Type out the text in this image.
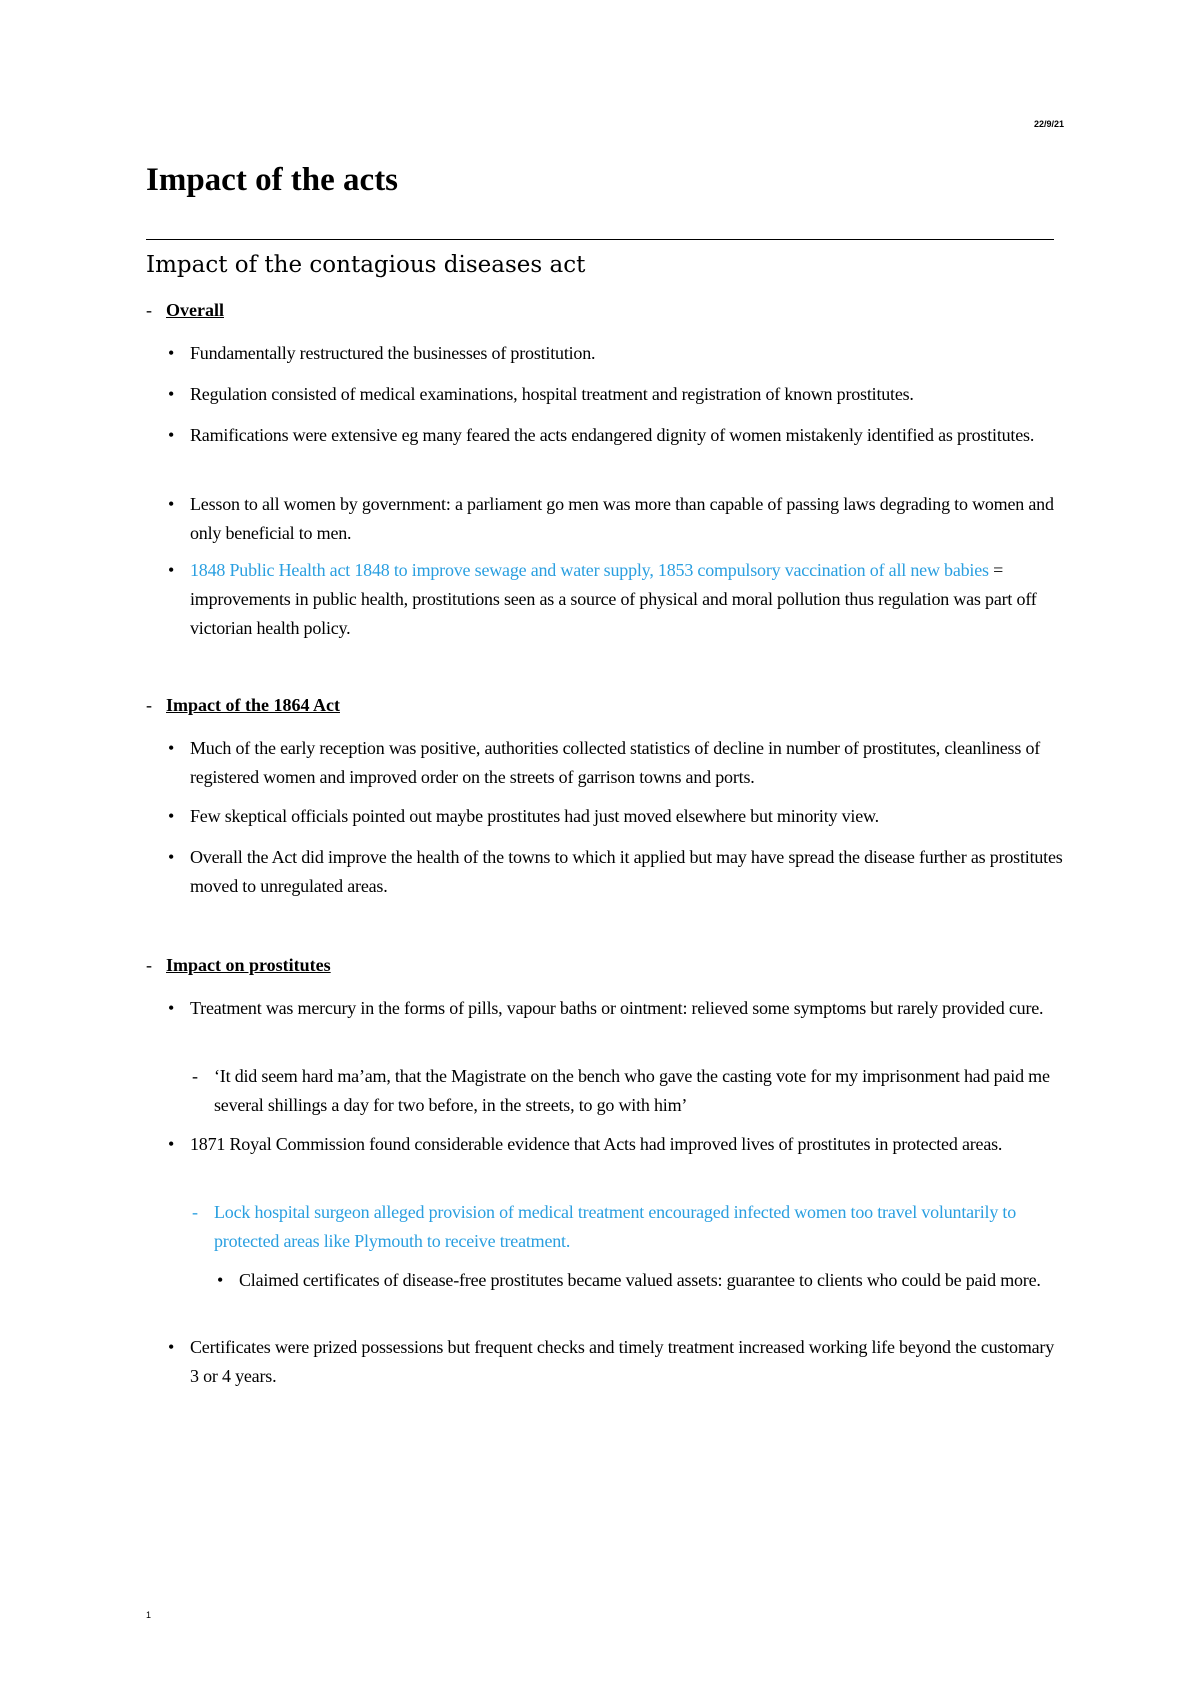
22/9/21
Impact of the acts
Impact of the contagious diseases act
- Overall
• Fundamentally restructured the businesses of prostitution.
• Regulation consisted of medical examinations, hospital treatment and registration of known prostitutes.
• Ramifications were extensive eg many feared the acts endangered dignity of women mistakenly identified as prostitutes.
• Lesson to all women by government: a parliament go men was more than capable of passing laws degrading to women and only beneficial to men.
• 1848 Public Health act 1848 to improve sewage and water supply, 1853 compulsory vaccination of all new babies = improvements in public health, prostitutions seen as a source of physical and moral pollution thus regulation was part off victorian health policy.
- Impact of the 1864 Act
• Much of the early reception was positive, authorities collected statistics of decline in number of prostitutes, cleanliness of registered women and improved order on the streets of garrison towns and ports.
• Few skeptical officials pointed out maybe prostitutes had just moved elsewhere but minority view.
• Overall the Act did improve the health of the towns to which it applied but may have spread the disease further as prostitutes moved to unregulated areas.
- Impact on prostitutes
• Treatment was mercury in the forms of pills, vapour baths or ointment: relieved some symptoms but rarely provided cure.
- ‘It did seem hard ma’am, that the Magistrate on the bench who gave the casting vote for my imprisonment had paid me several shillings a day for two before, in the streets, to go with him’
• 1871 Royal Commission found considerable evidence that Acts had improved lives of prostitutes in protected areas.
- Lock hospital surgeon alleged provision of medical treatment encouraged infected women too travel voluntarily to protected areas like Plymouth to receive treatment.
• Claimed certificates of disease-free prostitutes became valued assets: guarantee to clients who could be paid more.
• Certificates were prized possessions but frequent checks and timely treatment increased working life beyond the customary 3 or 4 years.
1
